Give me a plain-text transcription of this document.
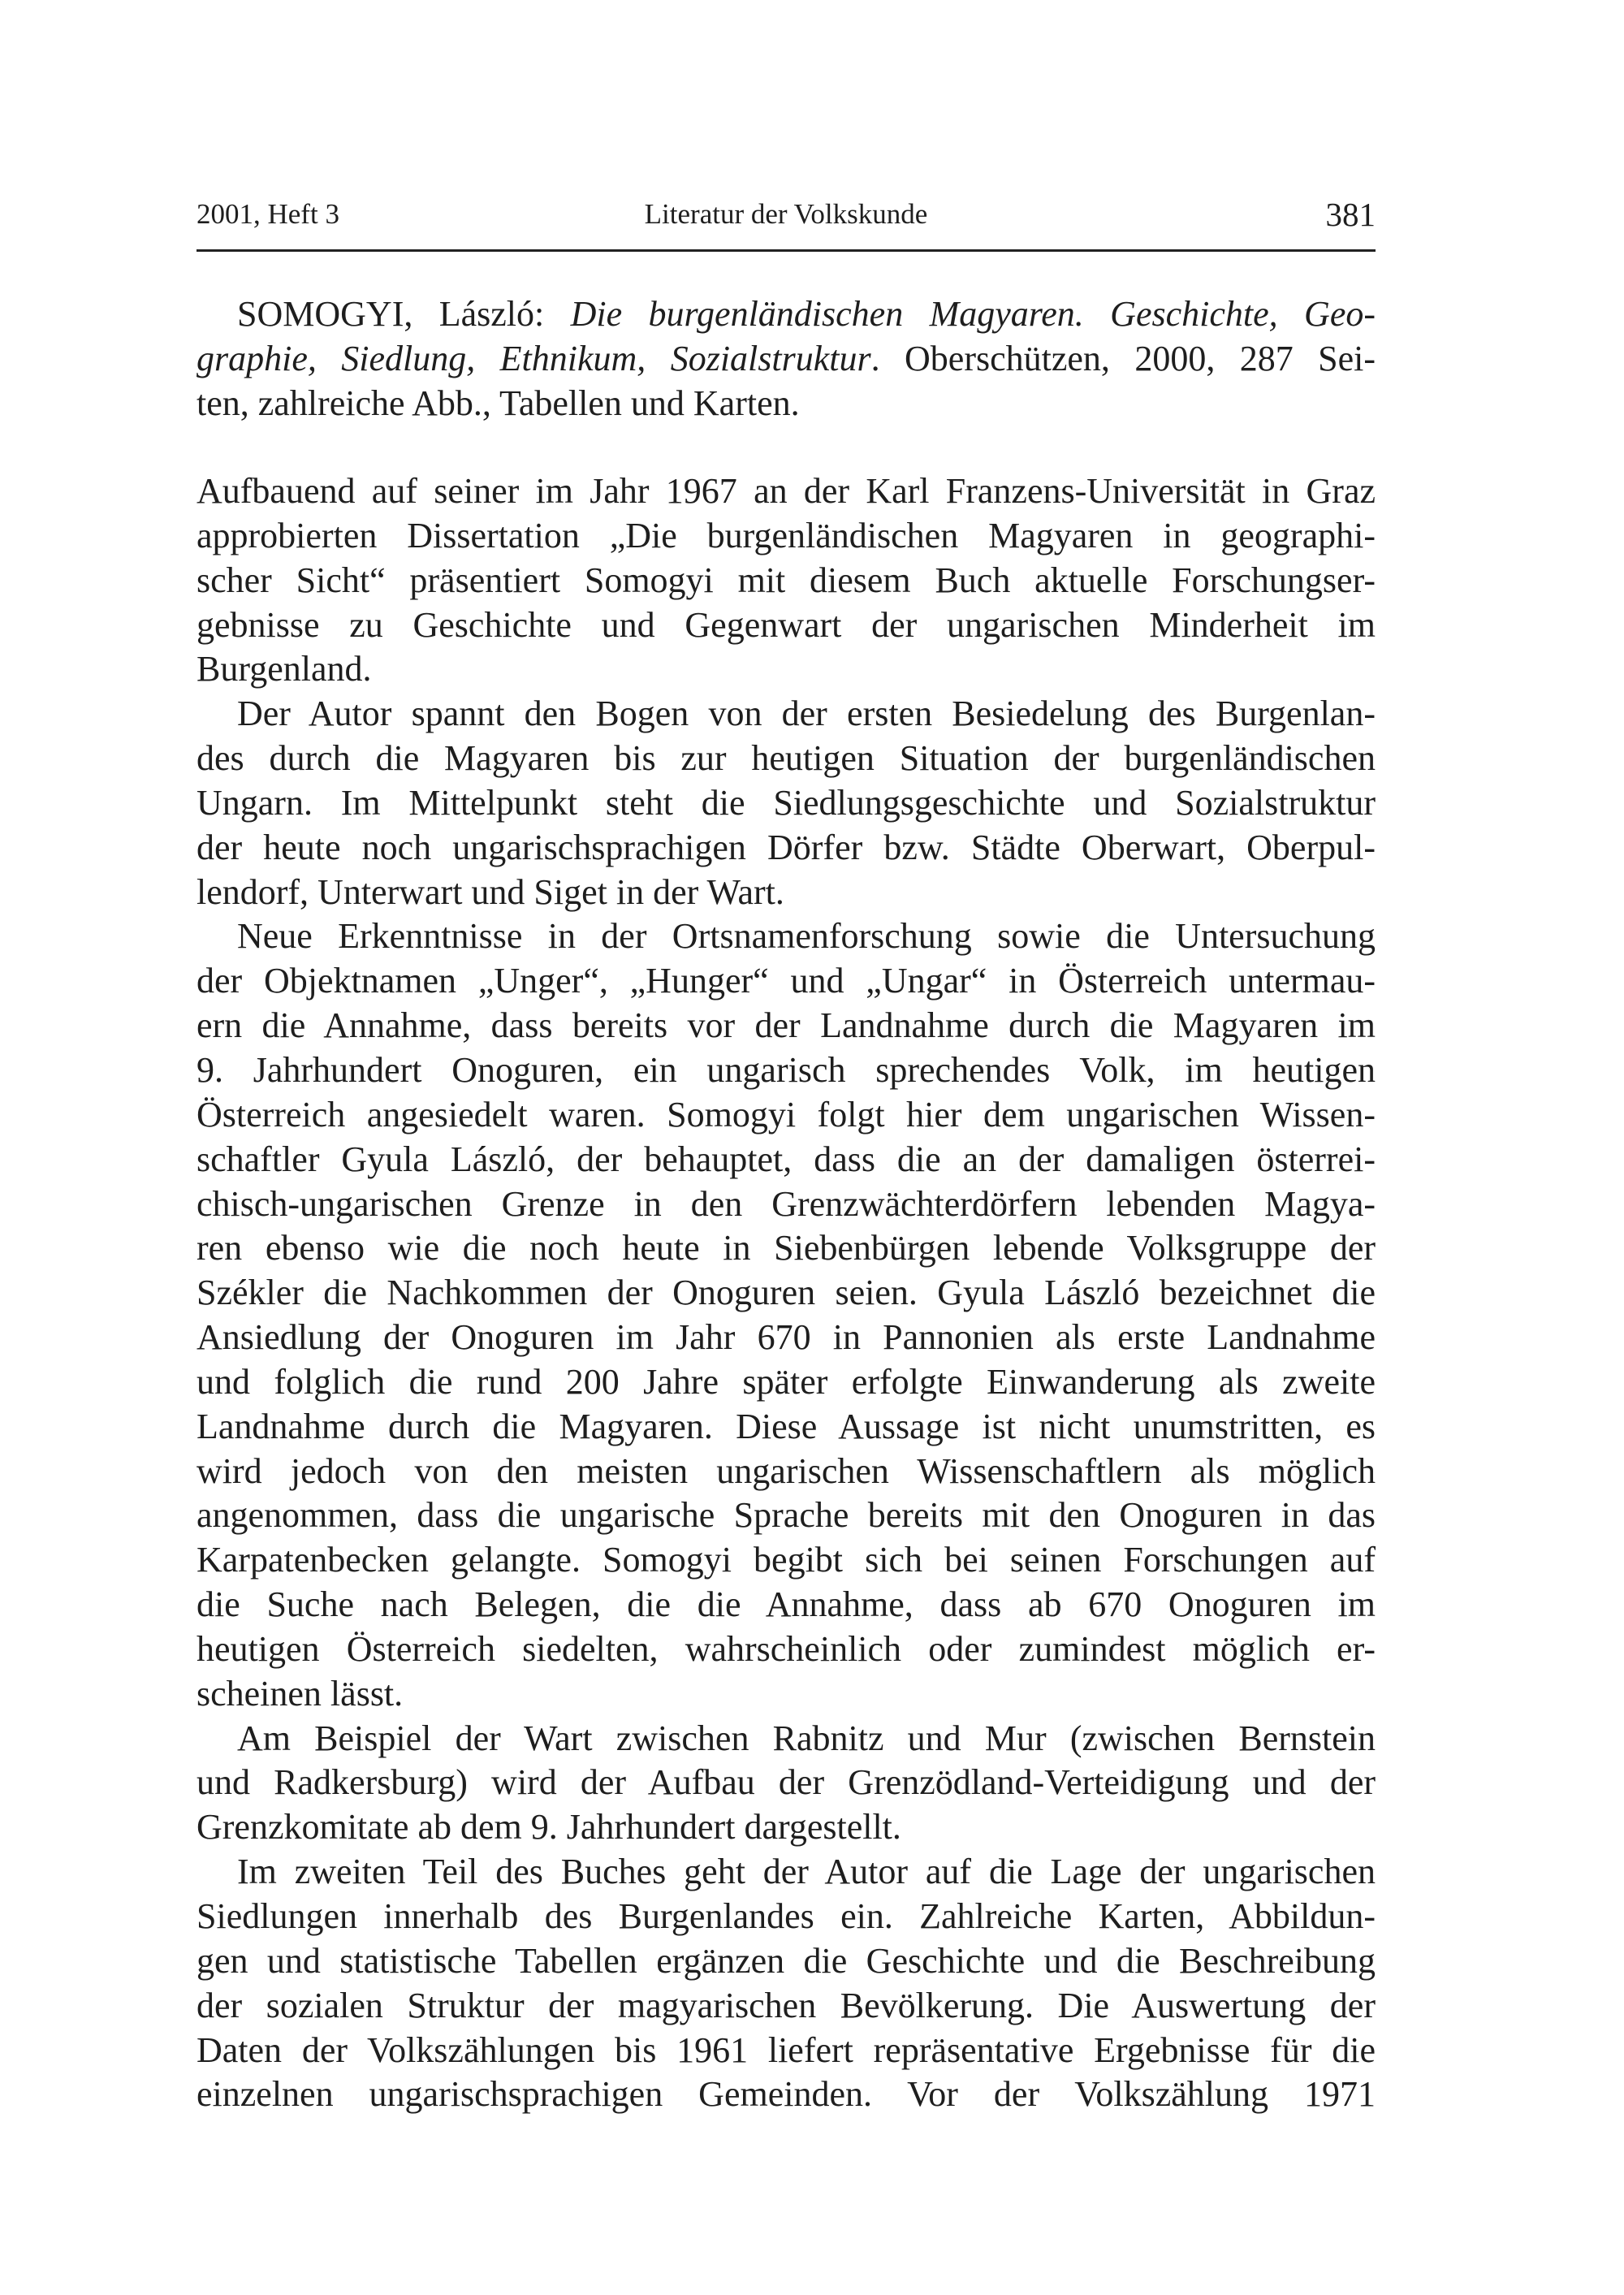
2001, Heft 3	Literatur der Volkskunde	381
SOMOGYI, László: Die burgenländischen Magyaren. Geschichte, Geo-
graphie, Siedlung, Ethnikum, Sozialstruktur. Oberschützen, 2000, 287 Sei-
ten, zahlreiche Abb., Tabellen und Karten.
Aufbauend auf seiner im Jahr 1967 an der Karl Franzens-Universität in Graz
approbierten Dissertation „Die burgenländischen Magyaren in geographi-
scher Sicht“ präsentiert Somogyi mit diesem Buch aktuelle Forschungser-
gebnisse zu Geschichte und Gegenwart der ungarischen Minderheit im
Burgenland.
Der Autor spannt den Bogen von der ersten Besiedelung des Burgenlan-
des durch die Magyaren bis zur heutigen Situation der burgenländischen
Ungarn. Im Mittelpunkt steht die Siedlungsgeschichte und Sozialstruktur
der heute noch ungarischsprachigen Dörfer bzw. Städte Oberwart, Oberpul-
lendorf, Unterwart und Siget in der Wart.
Neue Erkenntnisse in der Ortsnamenforschung sowie die Untersuchung
der Objektnamen „Unger“, „Hunger“ und „Ungar“ in Österreich untermau-
ern die Annahme, dass bereits vor der Landnahme durch die Magyaren im
9. Jahrhundert Onoguren, ein ungarisch sprechendes Volk, im heutigen
Österreich angesiedelt waren. Somogyi folgt hier dem ungarischen Wissen-
schaftler Gyula László, der behauptet, dass die an der damaligen österrei-
chisch-ungarischen Grenze in den Grenzwächterdörfern lebenden Magya-
ren ebenso wie die noch heute in Siebenbürgen lebende Volksgruppe der
Székler die Nachkommen der Onoguren seien. Gyula László bezeichnet die
Ansiedlung der Onoguren im Jahr 670 in Pannonien als erste Landnahme
und folglich die rund 200 Jahre später erfolgte Einwanderung als zweite
Landnahme durch die Magyaren. Diese Aussage ist nicht unumstritten, es
wird jedoch von den meisten ungarischen Wissenschaftlern als möglich
angenommen, dass die ungarische Sprache bereits mit den Onoguren in das
Karpatenbecken gelangte. Somogyi begibt sich bei seinen Forschungen auf
die Suche nach Belegen, die die Annahme, dass ab 670 Onoguren im
heutigen Österreich siedelten, wahrscheinlich oder zumindest möglich er-
scheinen lässt.
Am Beispiel der Wart zwischen Rabnitz und Mur (zwischen Bernstein
und Radkersburg) wird der Aufbau der Grenzödland-Verteidigung und der
Grenzkomitate ab dem 9. Jahrhundert dargestellt.
Im zweiten Teil des Buches geht der Autor auf die Lage der ungarischen
Siedlungen innerhalb des Burgenlandes ein. Zahlreiche Karten, Abbildun-
gen und statistische Tabellen ergänzen die Geschichte und die Beschreibung
der sozialen Struktur der magyarischen Bevölkerung. Die Auswertung der
Daten der Volkszählungen bis 1961 liefert repräsentative Ergebnisse für die
einzelnen ungarischsprachigen Gemeinden. Vor der Volkszählung 1971
